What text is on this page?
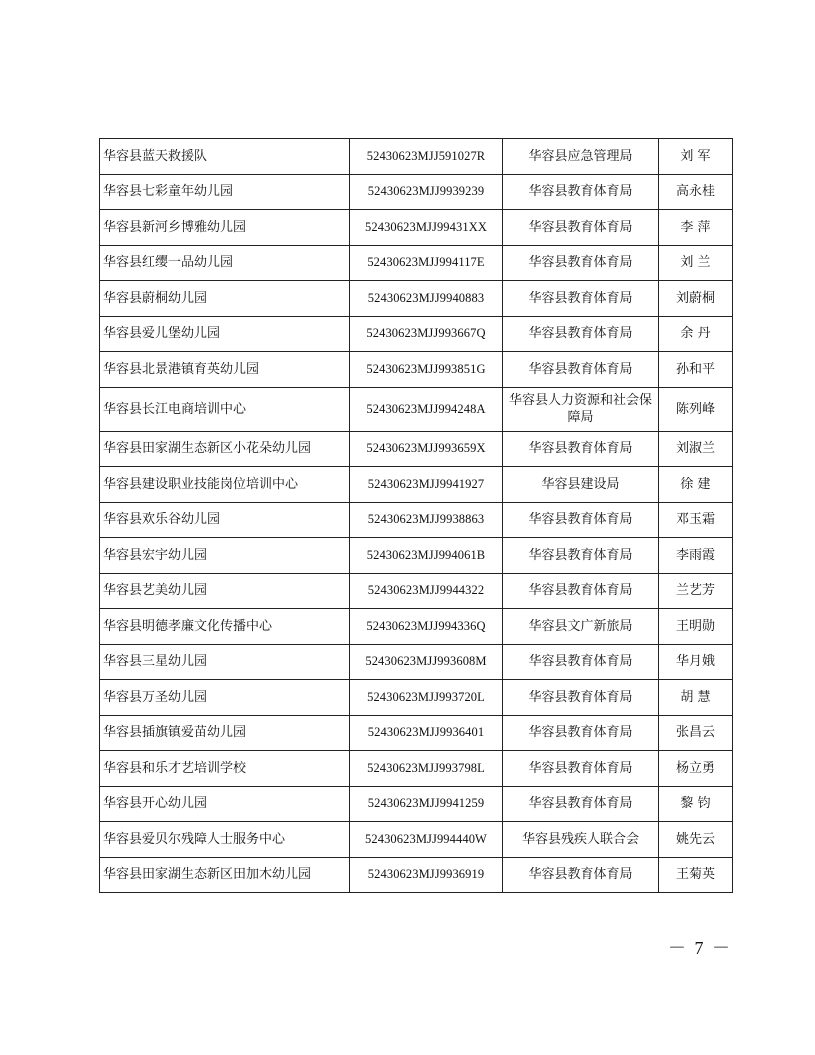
华容县蓝天救援队	52430623MJJ591027R	华容县应急管理局	刘 军
华容县七彩童年幼儿园	52430623MJJ9939239	华容县教育体育局	高永桂
华容县新河乡博雅幼儿园	52430623MJJ99431XX	华容县教育体育局	李 萍
华容县红缨一品幼儿园	52430623MJJ994117E	华容县教育体育局	刘 兰
华容县蔚桐幼儿园	52430623MJJ9940883	华容县教育体育局	刘蔚桐
华容县爱儿堡幼儿园	52430623MJJ993667Q	华容县教育体育局	余 丹
华容县北景港镇育英幼儿园	52430623MJJ993851G	华容县教育体育局	孙和平
华容县长江电商培训中心	52430623MJJ994248A	华容县人力资源和社会保障局	陈列峰
华容县田家湖生态新区小花朵幼儿园	52430623MJJ993659X	华容县教育体育局	刘淑兰
华容县建设职业技能岗位培训中心	52430623MJJ9941927	华容县建设局	徐 建
华容县欢乐谷幼儿园	52430623MJJ9938863	华容县教育体育局	邓玉霜
华容县宏宇幼儿园	52430623MJJ994061B	华容县教育体育局	李雨霞
华容县艺美幼儿园	52430623MJJ9944322	华容县教育体育局	兰艺芳
华容县明德孝廉文化传播中心	52430623MJJ994336Q	华容县文广新旅局	王明勋
华容县三星幼儿园	52430623MJJ993608M	华容县教育体育局	华月娥
华容县万圣幼儿园	52430623MJJ993720L	华容县教育体育局	胡 慧
华容县插旗镇爱苗幼儿园	52430623MJJ9936401	华容县教育体育局	张昌云
华容县和乐才艺培训学校	52430623MJJ993798L	华容县教育体育局	杨立勇
华容县开心幼儿园	52430623MJJ9941259	华容县教育体育局	黎 钧
华容县爱贝尔残障人士服务中心	52430623MJJ994440W	华容县残疾人联合会	姚先云
华容县田家湖生态新区田加木幼儿园	52430623MJJ9936919	华容县教育体育局	王菊英
－ 7 －
